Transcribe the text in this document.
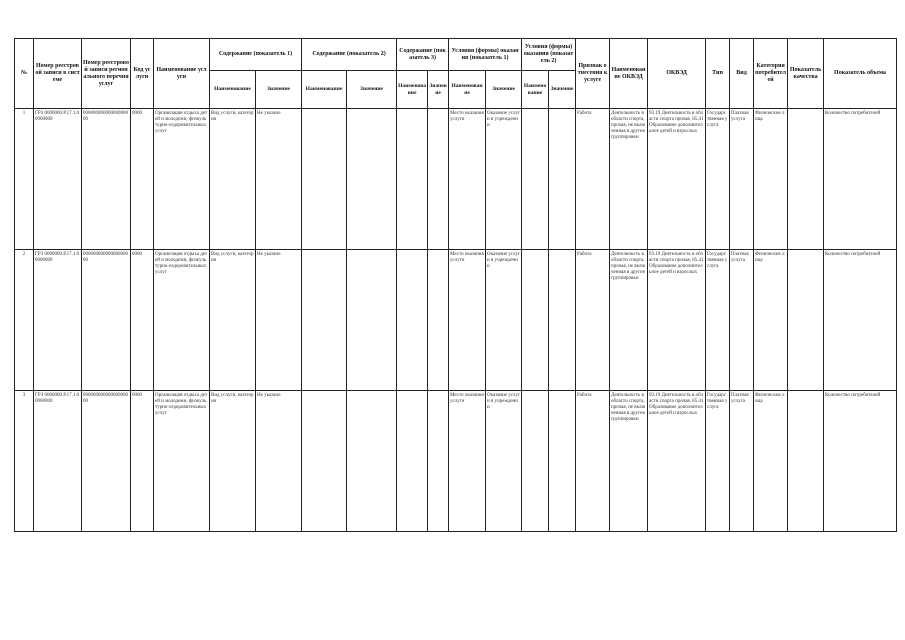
№	Номер реестровой записи в системе	Номер реестровой записи регионального перечня услуг	Код услуги	Наименование услуги	Содержание (показатель 1)		Содержание (показатель 2)		Содержание (показатель 3)		Условия (формы) оказания (показатель 1)		Условия (формы) оказания (показатель 2)		Признак отнесения к услуге	Наименование ОКВЭД	ОКВЭД	Тип	Вид	Категория потребителей	Показатель качества	Показатель объема
					Наименование	Значение	Наименование	Значение	Наименование	Значение	Наименование	Значение	Наименование	Значение								
1	ГРЗ 0000000.Р.17.1.00000000	00000000000000000000	0000	Организация отдыха детей и молодежи, физкультурно-оздоровительных услуг	Вид услуги, категория	Не указано					Место оказания услуги	Оказание услуги в учреждении			Работа	Деятельность в области спорта, прочая, не включенная в другие группировки	93.19 Деятельность в области спорта прочая, 85.41 Образование дополнительное детей и взрослых	Государственная услуга	Платная услуга	Физические лица		Количество потребителей
2	ГРЗ 0000000.Р.17.1.00000000	00000000000000000000	0000	Организация отдыха детей и молодежи, физкультурно-оздоровительных услуг	Вид услуги, категория	Не указано					Место оказания услуги	Оказание услуги в учреждении			Работа	Деятельность в области спорта, прочая, не включенная в другие группировки	93.19 Деятельность в области спорта прочая, 85.41 Образование дополнительное детей и взрослых	Государственная услуга	Платная услуга	Физические лица		Количество потребителей
3	ГРЗ 0000000.Р.17.1.00000000	00000000000000000000	0000	Организация отдыха детей и молодежи, физкультурно-оздоровительных услуг	Вид услуги, категория	Не указано					Место оказания услуги	Оказание услуги в учреждении			Работа	Деятельность в области спорта, прочая, не включенная в другие группировки	93.19 Деятельность в области спорта прочая, 85.41 Образование дополнительное детей и взрослых	Государственная услуга	Платная услуга	Физические лица		Количество потребителей
